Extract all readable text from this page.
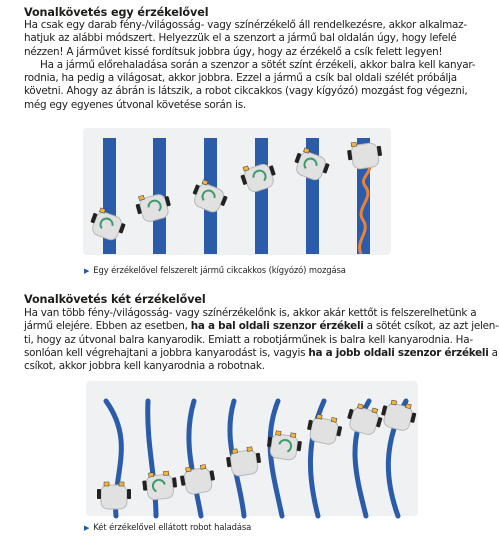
Vonalkövetés egy érzékelővel

Ha csak egy darab fény-/világosság- vagy színérzékelő áll rendelkezésre, akkor alkalmaz-
hatjuk az alábbi módszert. Helyezzük el a szenzort a jármű bal oldalán úgy, hogy lefelé
nézzen! A járművet kissé fordítsuk jobbra úgy, hogy az érzékelő a csík felett legyen!
Ha a jármű előrehaladása során a szenzor a sötét színt érzékeli, akkor balra kell kanyar-
rodnia, ha pedig a világosat, akkor jobbra. Ezzel a jármű a csík bal oldali szélét próbálja
követni. Ahogy az ábrán is látszik, a robot cikcakkos (vagy kígyózó) mozgást fog végezni,
még egy egyenes útvonal követése során is.

▶ Egy érzékelővel felszerelt jármű cikcakkos (kígyózó) mozgása
Vonalkövetés két érzékelővel

Ha van több fény-/világosság- vagy színérzékelőnk is, akkor akár kettőt is felszerelhetünk a
jármű elejére. Ebben az esetben, ha a bal oldali szenzor érzékeli a sötét csíkot, az azt jelen-
ti, hogy az útvonal balra kanyarodik. Emiatt a robotjárműnek is balra kell kanyarodnia. Ha-
sonlóan kell végrehajtani a jobbra kanyarodást is, vagyis ha a jobb oldali szenzor érzékeli a
csíkot, akkor jobbra kell kanyarodnia a robotnak.

▶ Két érzékelővel ellátott robot haladása
